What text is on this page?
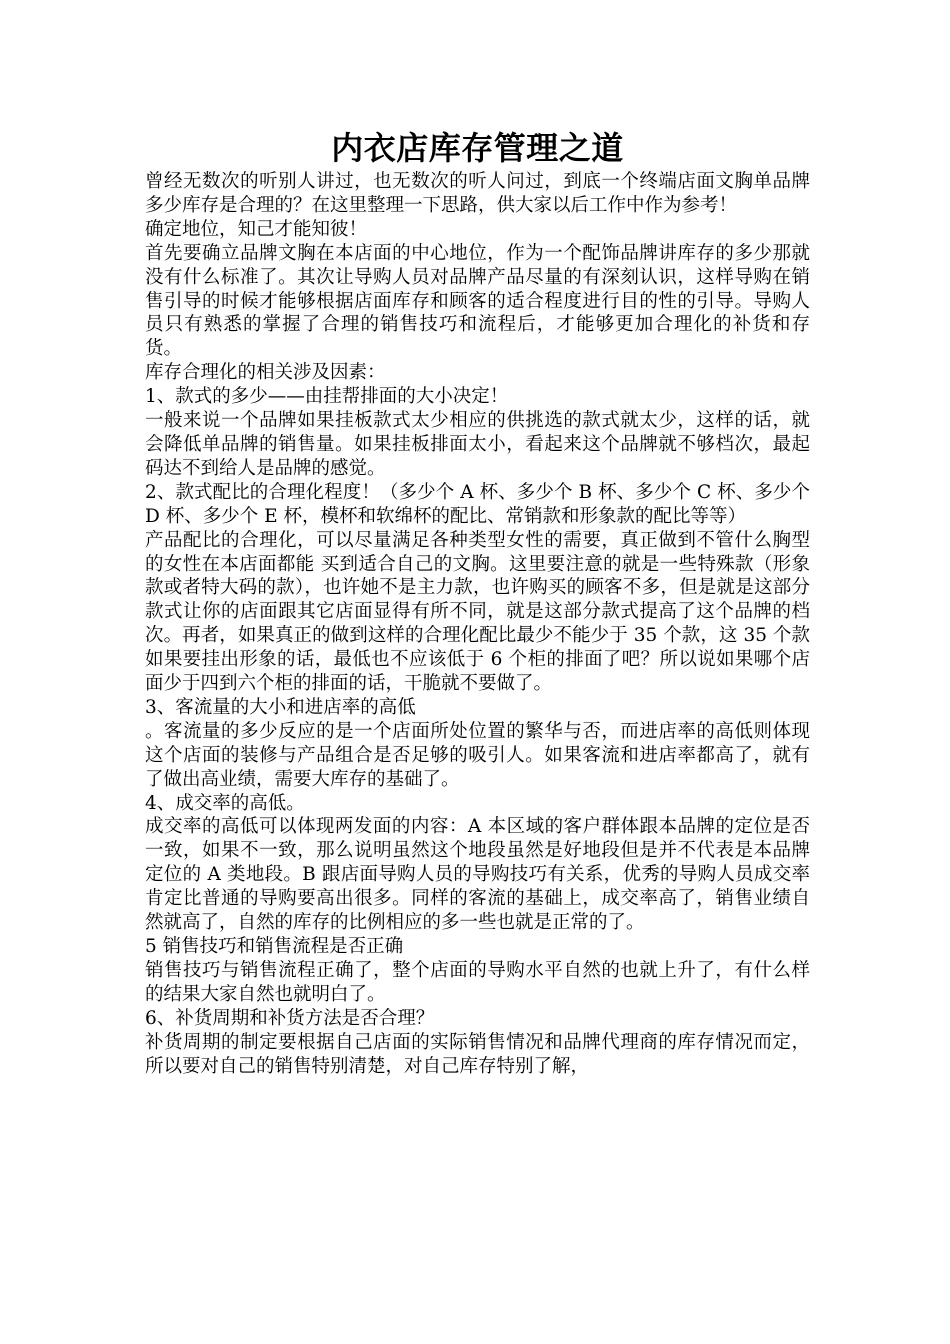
内衣店库存管理之道

曾经无数次的听别人讲过，也无数次的听人问过，到底一个终端店面文胸单品牌多少库存是合理的？在这里整理一下思路，供大家以后工作中作为参考！

确定地位，知己才能知彼！

首先要确立品牌文胸在本店面的中心地位，作为一个配饰品牌讲库存的多少那就没有什么标准了。其次让导购人员对品牌产品尽量的有深刻认识，这样导购在销售引导的时候才能够根据店面库存和顾客的适合程度进行目的性的引导。导购人员只有熟悉的掌握了合理的销售技巧和流程后，才能够更加合理化的补货和存货。

库存合理化的相关涉及因素：

1、款式的多少——由挂帮排面的大小决定！

一般来说一个品牌如果挂板款式太少相应的供挑选的款式就太少，这样的话，就会降低单品牌的销售量。如果挂板排面太小，看起来这个品牌就不够档次，最起码达不到给人是品牌的感觉。

2、款式配比的合理化程度！（多少个 A 杯、多少个 B 杯、多少个 C 杯、多少个 D 杯、多少个 E 杯，模杯和软绵杯的配比、常销款和形象款的配比等等）

产品配比的合理化，可以尽量满足各种类型女性的需要，真正做到不管什么胸型的女性在本店面都能 买到适合自己的文胸。这里要注意的就是一些特殊款（形象款或者特大码的款），也许她不是主力款，也许购买的顾客不多，但是就是这部分款式让你的店面跟其它店面显得有所不同，就是这部分款式提高了这个品牌的档次。再者，如果真正的做到这样的合理化配比最少不能少于 35 个款，这 35 个款如果要挂出形象的话，最低也不应该低于 6 个柜的排面了吧？所以说如果哪个店面少于四到六个柜的排面的话，干脆就不要做了。

3、客流量的大小和进店率的高低

。客流量的多少反应的是一个店面所处位置的繁华与否，而进店率的高低则体现这个店面的装修与产品组合是否足够的吸引人。如果客流和进店率都高了，就有了做出高业绩，需要大库存的基础了。

4、成交率的高低。

成交率的高低可以体现两发面的内容：A 本区域的客户群体跟本品牌的定位是否一致，如果不一致，那么说明虽然这个地段虽然是好地段但是并不代表是本品牌定位的 A 类地段。B 跟店面导购人员的导购技巧有关系，优秀的导购人员成交率肯定比普通的导购要高出很多。同样的客流的基础上，成交率高了，销售业绩自然就高了，自然的库存的比例相应的多一些也就是正常的了。

5 销售技巧和销售流程是否正确

销售技巧与销售流程正确了，整个店面的导购水平自然的也就上升了，有什么样的结果大家自然也就明白了。

6、补货周期和补货方法是否合理？

补货周期的制定要根据自己店面的实际销售情况和品牌代理商的库存情况而定，所以要对自己的销售特别清楚，对自己库存特别了解，
